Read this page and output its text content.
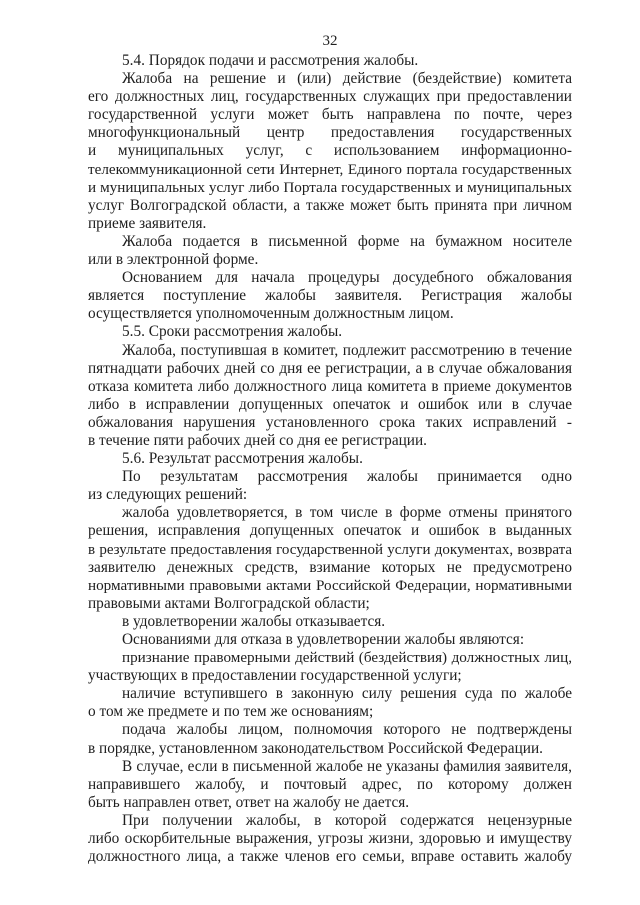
32

5.4. Порядок подачи и рассмотрения жалобы.

Жалоба на решение и (или) действие (бездействие) комитета
его должностных лиц, государственных служащих при предоставлении
государственной услуги может быть направлена по почте, через
многофункциональный центр предоставления государственных
и муниципальных услуг, с использованием информационно-
телекоммуникационной сети Интернет, Единого портала государственных
и муниципальных услуг либо Портала государственных и муниципальных
услуг Волгоградской области, а также может быть принята при личном
приеме заявителя.

Жалоба подается в письменной форме на бумажном носителе
или в электронной форме.

Основанием для начала процедуры досудебного обжалования
является поступление жалобы заявителя. Регистрация жалобы
осуществляется уполномоченным должностным лицом.

5.5. Сроки рассмотрения жалобы.

Жалоба, поступившая в комитет, подлежит рассмотрению в течение
пятнадцати рабочих дней со дня ее регистрации, а в случае обжалования
отказа комитета либо должностного лица комитета в приеме документов
либо в исправлении допущенных опечаток и ошибок или в случае
обжалования нарушения установленного срока таких исправлений -
в течение пяти рабочих дней со дня ее регистрации.

5.6. Результат рассмотрения жалобы.

По результатам рассмотрения жалобы принимается одно
из следующих решений:

жалоба удовлетворяется, в том числе в форме отмены принятого
решения, исправления допущенных опечаток и ошибок в выданных
в результате предоставления государственной услуги документах, возврата
заявителю денежных средств, взимание которых не предусмотрено
нормативными правовыми актами Российской Федерации, нормативными
правовыми актами Волгоградской области;

в удовлетворении жалобы отказывается.

Основаниями для отказа в удовлетворении жалобы являются:

признание правомерными действий (бездействия) должностных лиц,
участвующих в предоставлении государственной услуги;

наличие вступившего в законную силу решения суда по жалобе
о том же предмете и по тем же основаниям;

подача жалобы лицом, полномочия которого не подтверждены
в порядке, установленном законодательством Российской Федерации.

В случае, если в письменной жалобе не указаны фамилия заявителя,
направившего жалобу, и почтовый адрес, по которому должен
быть направлен ответ, ответ на жалобу не дается.

При получении жалобы, в которой содержатся нецензурные
либо оскорбительные выражения, угрозы жизни, здоровью и имуществу
должностного лица, а также членов его семьи, вправе оставить жалобу
